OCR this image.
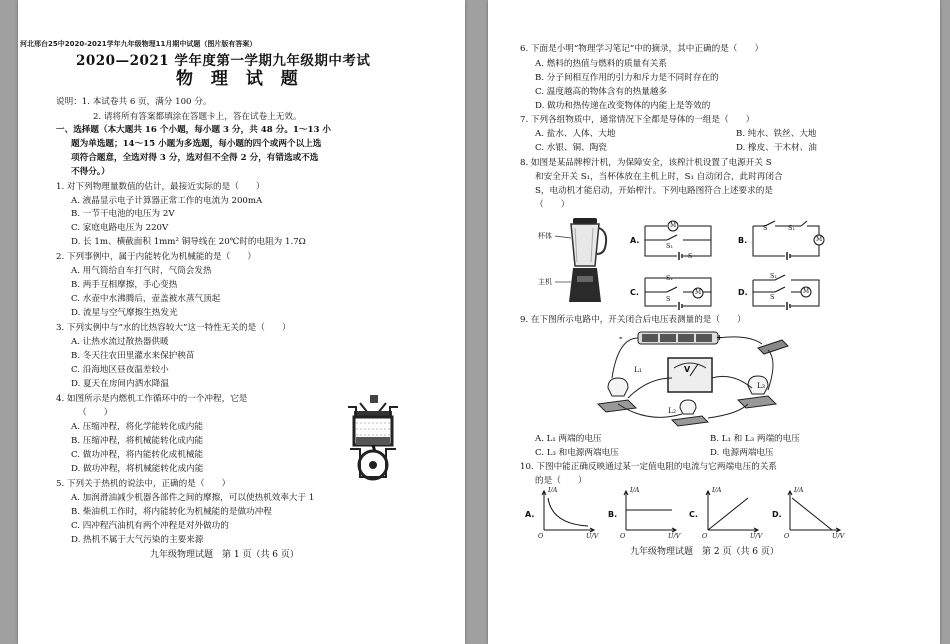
河北邢台25中2020-2021学年九年级物理11月期中试题（图片版有答案）
2020—2021 学年度第一学期九年级期中考试
物 理 试 题
说明：1. 本试卷共 6 页，满分 100 分。
2. 请将所有答案都填涂在答题卡上，答在试卷上无效。
一、选择题（本大题共 16 个小题，每小题 3 分，共 48 分。1～13 小
题为单选题；14～15 小题为多选题，每小题的四个或两个以上选
项符合题意，全选对得 3 分，选对但不全得 2 分，有错选或不选
不得分。）
1. 对下列物理量数值的估计，最接近实际的是（　　）
A. 液晶显示电子计算器正常工作的电流为 200mA
B. 一节干电池的电压为 2V
C. 家庭电路电压为 220V
D. 长 1m、横截面积 1mm² 铜导线在 20℃时的电阻为 1.7Ω
2. 下列事例中，属于内能转化为机械能的是（　　）
A. 用气筒给自车打气时，气筒会发热
B. 两手互相摩擦，手心变热
C. 水壶中水沸腾后，壶盖被水蒸气顶起
D. 流星与空气摩擦生热发光
3. 下列实例中与“水的比热容较大”这一特性无关的是（　　）
A. 让热水流过散热器供暖
B. 冬天往农田里灌水来保护秧苗
C. 沿海地区昼夜温差较小
D. 夏天在房间内洒水降温
4. 如图所示是内燃机工作循环中的一个冲程，它是
（　　）
A. 压缩冲程，将化学能转化成内能
B. 压缩冲程，将机械能转化成内能
C. 做功冲程，将内能转化成机械能
D. 做功冲程，将机械能转化成内能
5. 下列关于热机的说法中，正确的是（　　）
A. 加润滑油减少机器各部件之间的摩擦，可以使热机效率大于 1
B. 柴油机工作时，将内能转化为机械能的是做功冲程
C. 四冲程汽油机有两个冲程是对外做功的
D. 热机不属于大气污染的主要来源
九年级物理试题　第 1 页（共 6 页）
6. 下面是小明“物理学习笔记”中的摘录，其中正确的是（　　）
A. 燃料的热值与燃料的质量有关系
B. 分子间相互作用的引力和斥力是不同时存在的
C. 温度越高的物体含有的热量越多
D. 做功和热传递在改变物体的内能上是等效的
7. 下列各组物质中，通常情况下全都是导体的一组是（　　）
A. 盐水、人体、大地	B. 纯水、铁丝、大地
C. 水银、铜、陶瓷	D. 橡皮、干木材、油
8. 如图是某品牌榨汁机，为保障安全，该榨汁机设置了电源开关 S
和安全开关 S₁，当杯体放在主机上时，S₁ 自动闭合，此时再闭合
S，电动机才能启动，开始榨汁。下列电路图符合上述要求的是
（　　）
杯体
主机
A.	B.
C.	D.
M
S₁
S
M
S	S₁
M
S₁
S
M
S₁
S
9. 在下图所示电路中，开关闭合后电压表测量的是（　　）
-	+
L₁
L₃
L₂
V
A. L₁ 两端的电压	B. L₁ 和 L₃ 两端的电压
C. L₃ 和电源两端电压	D. 电源两端电压
10. 下图中能正确反映通过某一定值电阻的电流与它两端电压的关系
的是（　　）
A.	B.	C.	D.
I/A	I/A	I/A	I/A
U/V	U/V	U/V	U/V
O	O	O	O
九年级物理试题　第 2 页（共 6 页）
